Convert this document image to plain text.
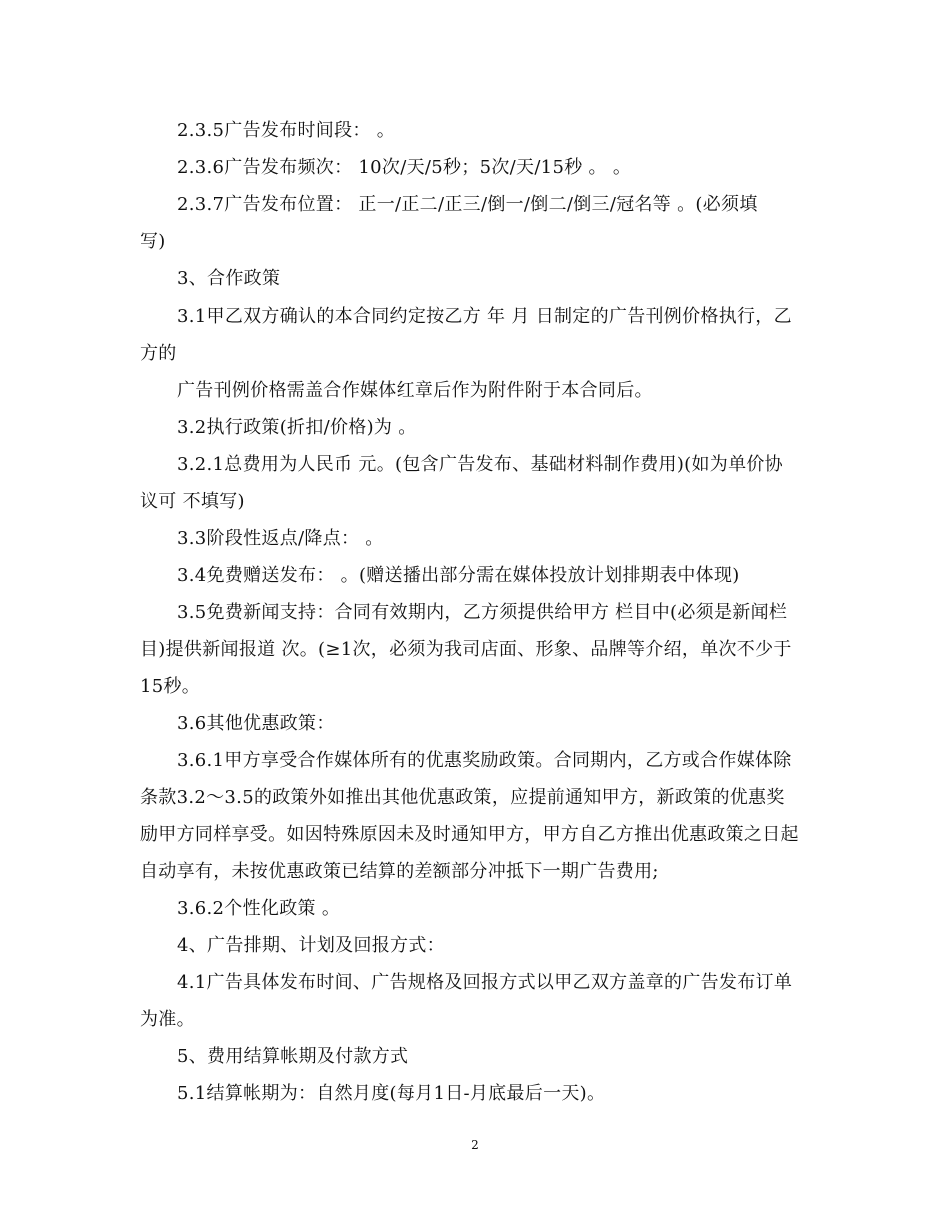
2.3.5广告发布时间段： 。
2.3.6广告发布频次： 10次/天/5秒；5次/天/15秒 。 。
2.3.7广告发布位置： 正一/正二/正三/倒一/倒二/倒三/冠名等 。(必须填
写)
3、合作政策
3.1甲乙双方确认的本合同约定按乙方 年 月 日制定的广告刊例价格执行，乙
方的
广告刊例价格需盖合作媒体红章后作为附件附于本合同后。
3.2执行政策(折扣/价格)为 。
3.2.1总费用为人民币 元。(包含广告发布、基础材料制作费用)(如为单价协
议可 不填写)
3.3阶段性返点/降点： 。
3.4免费赠送发布： 。(赠送播出部分需在媒体投放计划排期表中体现)
3.5免费新闻支持：合同有效期内，乙方须提供给甲方 栏目中(必须是新闻栏
目)提供新闻报道 次。(≥1次，必须为我司店面、形象、品牌等介绍，单次不少于
15秒。
3.6其他优惠政策：
3.6.1甲方享受合作媒体所有的优惠奖励政策。合同期内，乙方或合作媒体除
条款3.2～3.5的政策外如推出其他优惠政策，应提前通知甲方，新政策的优惠奖
励甲方同样享受。如因特殊原因未及时通知甲方，甲方自乙方推出优惠政策之日起
自动享有，未按优惠政策已结算的差额部分冲抵下一期广告费用;
3.6.2个性化政策 。
4、广告排期、计划及回报方式：
4.1广告具体发布时间、广告规格及回报方式以甲乙双方盖章的广告发布订单
为准。
5、费用结算帐期及付款方式
5.1结算帐期为：自然月度(每月1日-月底最后一天)。
2
